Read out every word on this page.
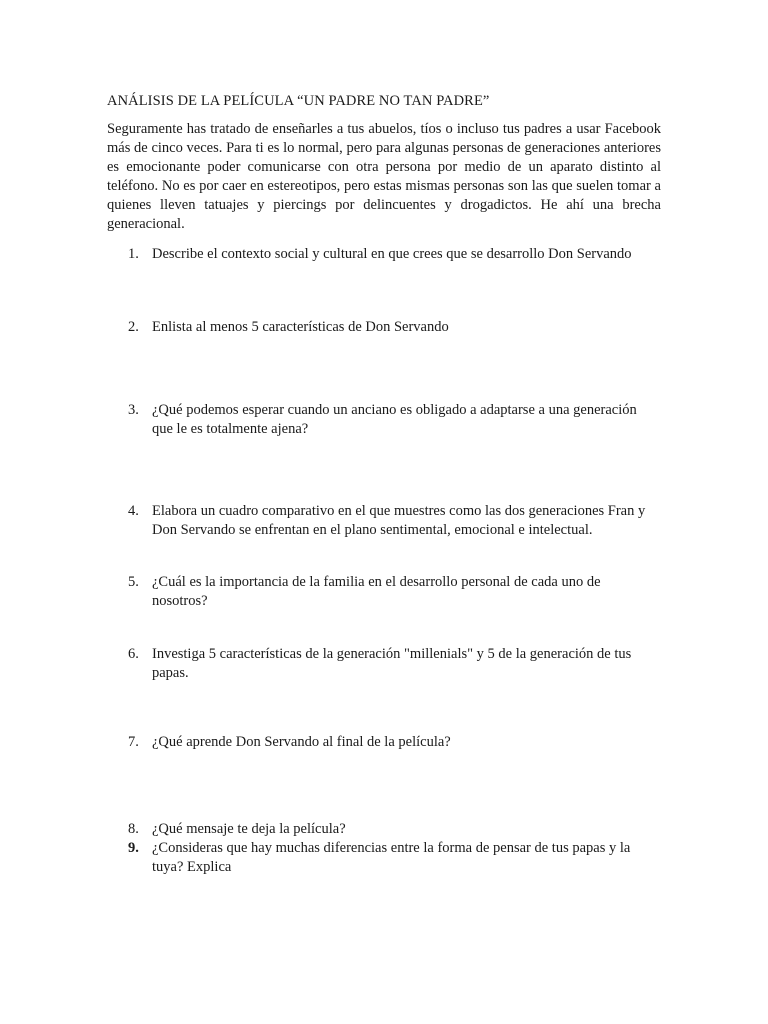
ANÁLISIS DE LA PELÍCULA “UN PADRE NO TAN PADRE”
Seguramente has tratado de enseñarles a tus abuelos, tíos o incluso tus padres a usar Facebook más de cinco veces. Para ti es lo normal, pero para algunas personas de generaciones anteriores es emocionante poder comunicarse con otra persona por medio de un aparato distinto al teléfono. No es por caer en estereotipos, pero estas mismas personas son las que suelen tomar a quienes lleven tatuajes y piercings por delincuentes y drogadictos. He ahí una brecha generacional.
1. Describe el contexto social y cultural en que crees que se desarrollo Don Servando
2. Enlista al menos 5 características de Don Servando
3. ¿Qué podemos esperar cuando un anciano es obligado a adaptarse a una generación que le es totalmente ajena?
4. Elabora un cuadro comparativo en el que muestres como las dos generaciones Fran y Don Servando se enfrentan en el plano sentimental, emocional e intelectual.
5. ¿Cuál es la importancia de la familia en el desarrollo personal de cada uno de nosotros?
6. Investiga 5 características de la generación "millenials" y 5 de la generación de tus papas.
7. ¿Qué aprende Don Servando al final de la película?
8. ¿Qué mensaje te deja la película?
9. ¿Consideras que hay muchas diferencias entre la forma de pensar de tus papas y la tuya? Explica
